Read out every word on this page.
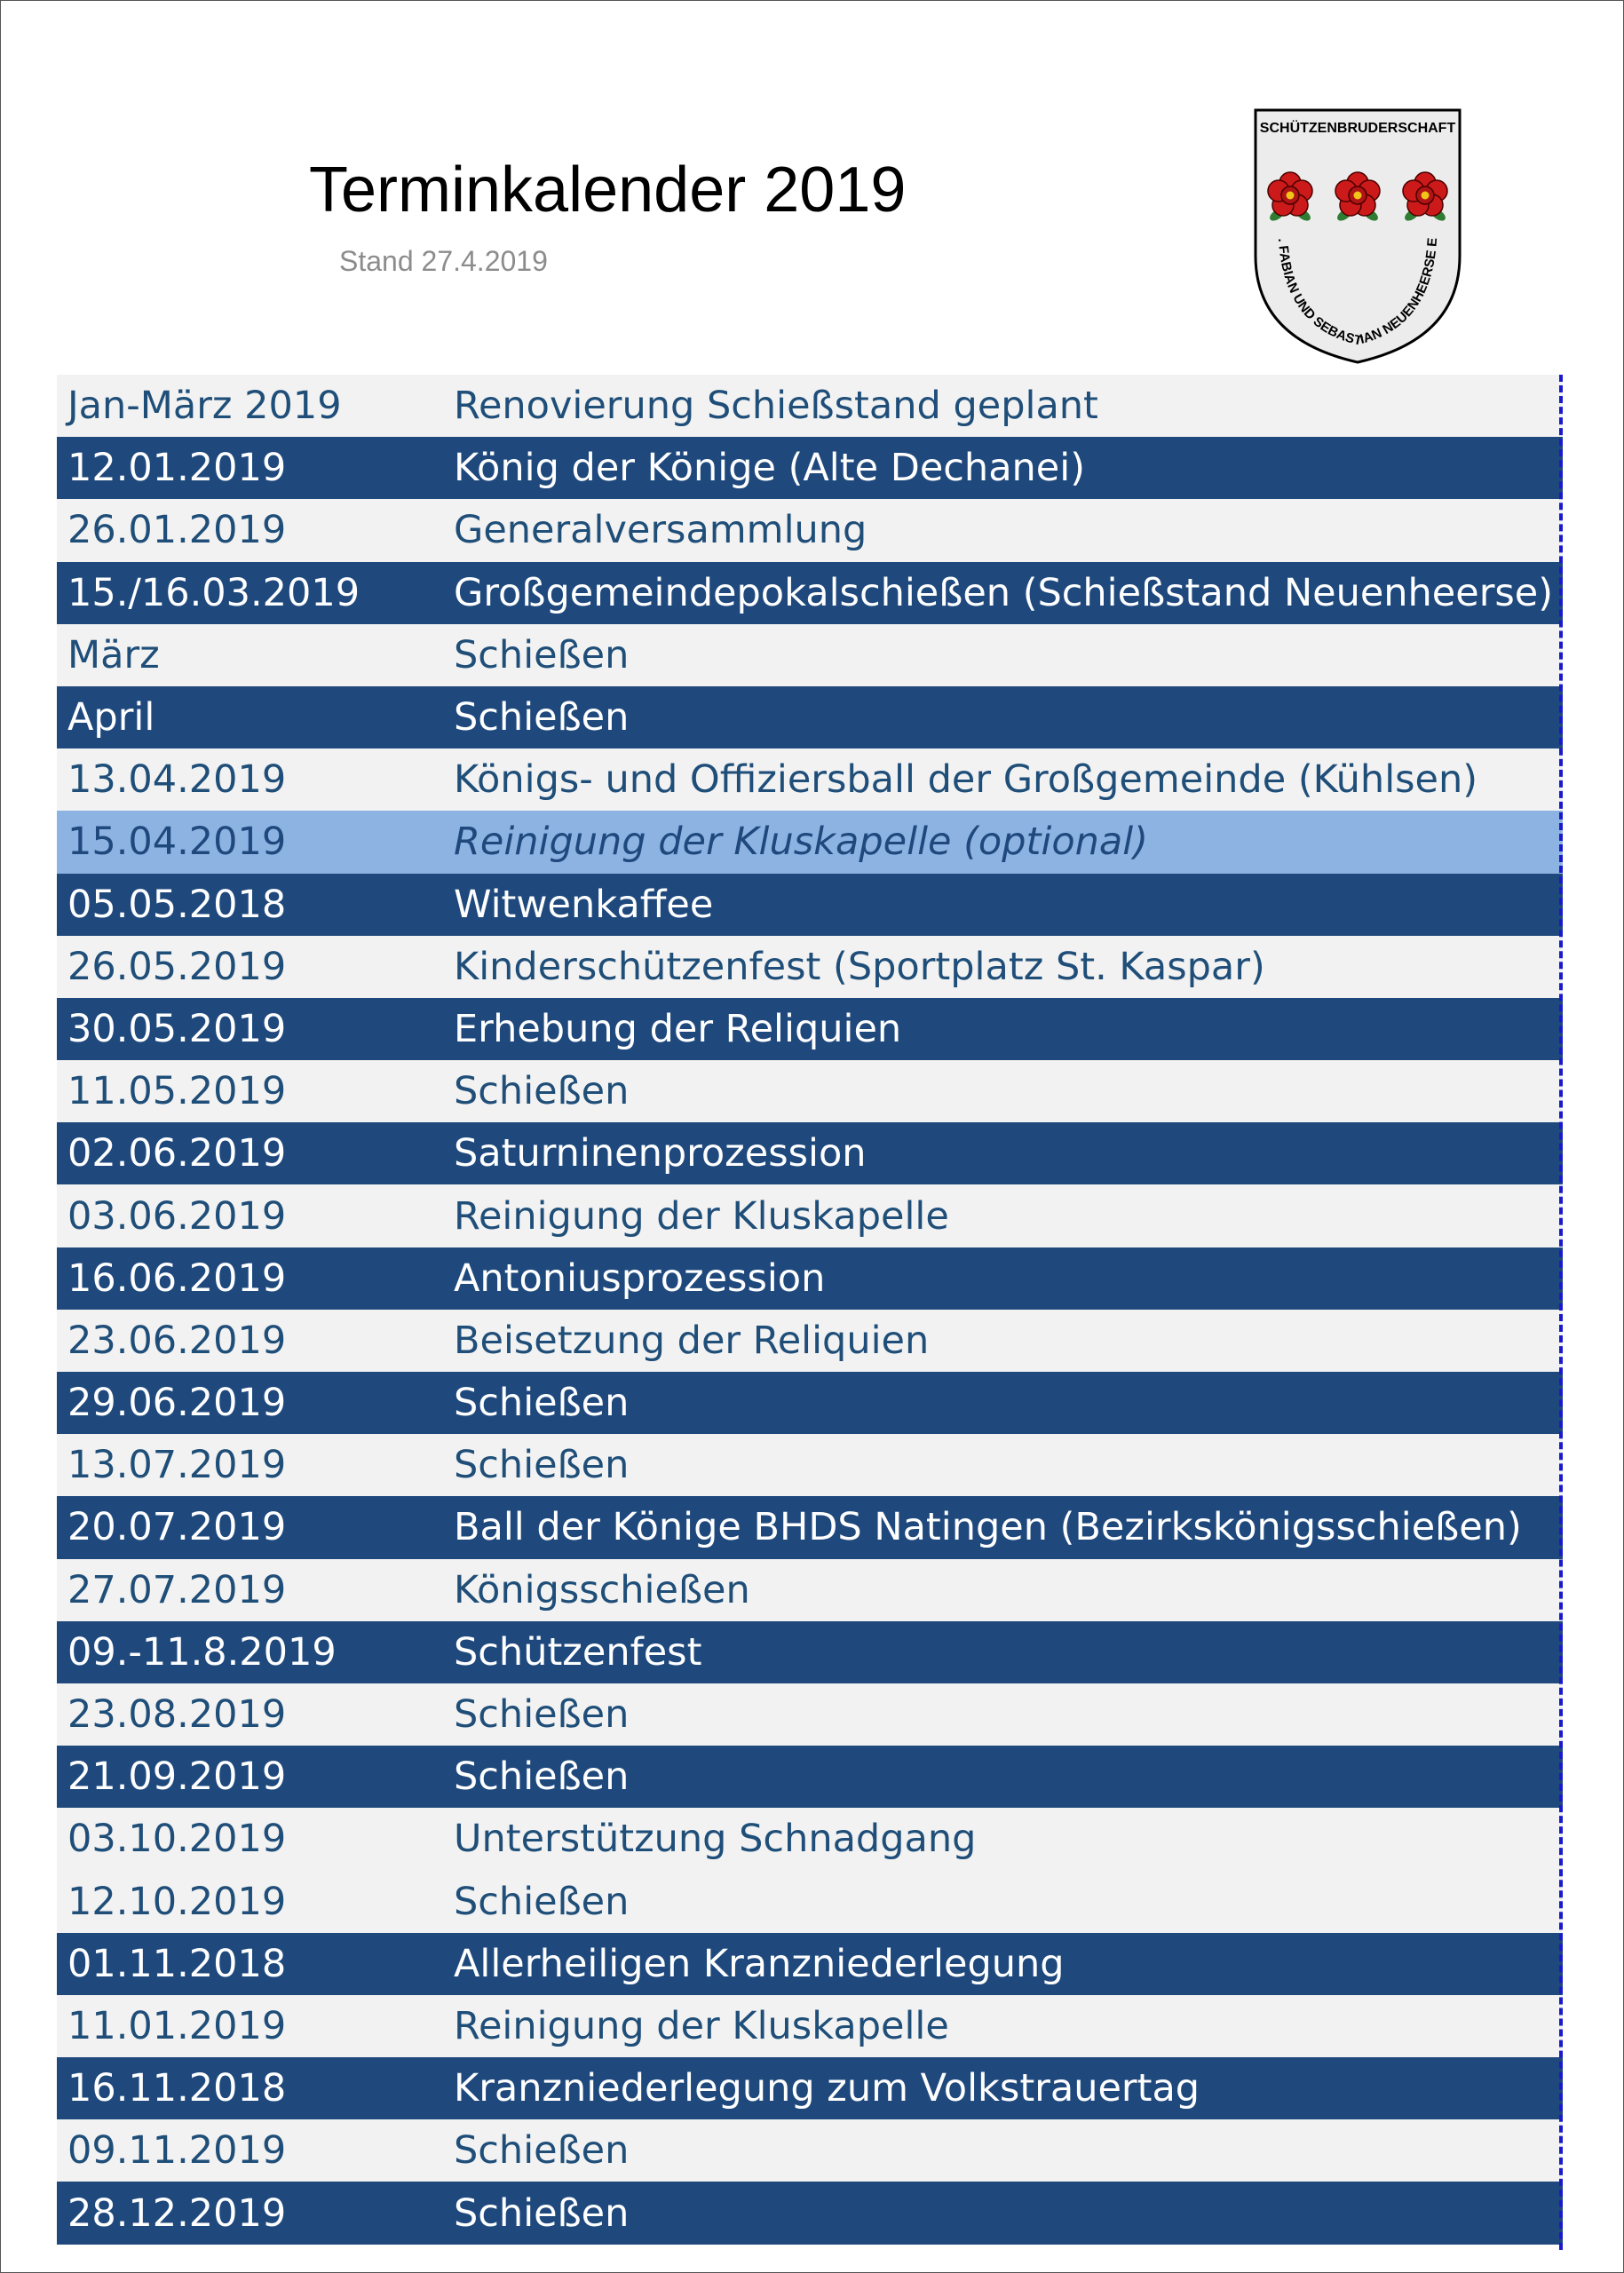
Terminkalender 2019
Stand 27.4.2019
SCHÜTZENBRUDERSCHAFT
. FABIAN UND SEBASTIAN NEUENHEERSE E
Jan-März 2019	Renovierung Schießstand geplant
12.01.2019	König der Könige (Alte Dechanei)
26.01.2019	Generalversammlung
15./16.03.2019	Großgemeindepokalschießen (Schießstand Neuenheerse)
März	Schießen
April	Schießen
13.04.2019	Königs- und Offiziersball der Großgemeinde (Kühlsen)
15.04.2019	Reinigung der Kluskapelle (optional)
05.05.2018	Witwenkaffee
26.05.2019	Kinderschützenfest (Sportplatz St. Kaspar)
30.05.2019	Erhebung der Reliquien
11.05.2019	Schießen
02.06.2019	Saturninenprozession
03.06.2019	Reinigung der Kluskapelle
16.06.2019	Antoniusprozession
23.06.2019	Beisetzung der Reliquien
29.06.2019	Schießen
13.07.2019	Schießen
20.07.2019	Ball der Könige BHDS Natingen (Bezirkskönigsschießen)
27.07.2019	Königsschießen
09.-11.8.2019	Schützenfest
23.08.2019	Schießen
21.09.2019	Schießen
03.10.2019	Unterstützung Schnadgang
12.10.2019	Schießen
01.11.2018	Allerheiligen Kranzniederlegung
11.01.2019	Reinigung der Kluskapelle
16.11.2018	Kranzniederlegung zum Volkstrauertag
09.11.2019	Schießen
28.12.2019	Schießen
